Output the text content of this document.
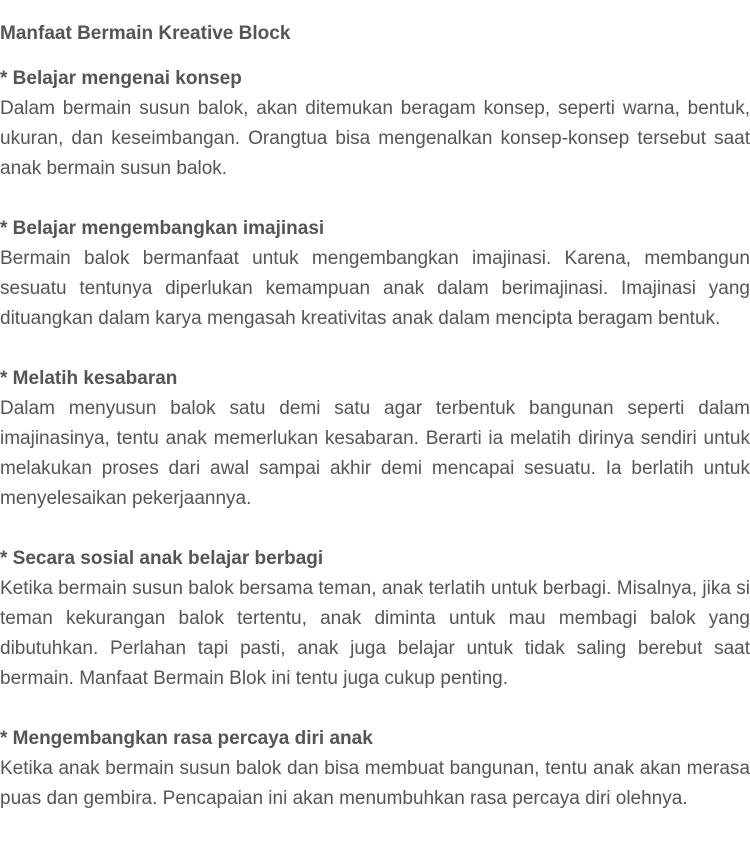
Manfaat Bermain Kreative Block
* Belajar mengenai konsep

Dalam bermain susun balok, akan ditemukan beragam konsep, seperti warna, bentuk, ukuran, dan keseimbangan. Orangtua bisa mengenalkan konsep-konsep tersebut saat anak bermain susun balok.

* Belajar mengembangkan imajinasi

Bermain balok bermanfaat untuk mengembangkan imajinasi. Karena, membangun sesuatu tentunya diperlukan kemampuan anak dalam berimajinasi. Imajinasi yang dituangkan dalam karya mengasah kreativitas anak dalam mencipta beragam bentuk.

* Melatih kesabaran

Dalam menyusun balok satu demi satu agar terbentuk bangunan seperti dalam imajinasinya, tentu anak memerlukan kesabaran. Berarti ia melatih dirinya sendiri untuk melakukan proses dari awal sampai akhir demi mencapai sesuatu. Ia berlatih untuk menyelesaikan pekerjaannya.

* Secara sosial anak belajar berbagi

Ketika bermain susun balok bersama teman, anak terlatih untuk berbagi. Misalnya, jika si teman kekurangan balok tertentu, anak diminta untuk mau membagi balok yang dibutuhkan. Perlahan tapi pasti, anak juga belajar untuk tidak saling berebut saat bermain. Manfaat Bermain Blok ini tentu juga cukup penting.

* Mengembangkan rasa percaya diri anak

Ketika anak bermain susun balok dan bisa membuat bangunan, tentu anak akan merasa puas dan gembira. Pencapaian ini akan menumbuhkan rasa percaya diri olehnya.
